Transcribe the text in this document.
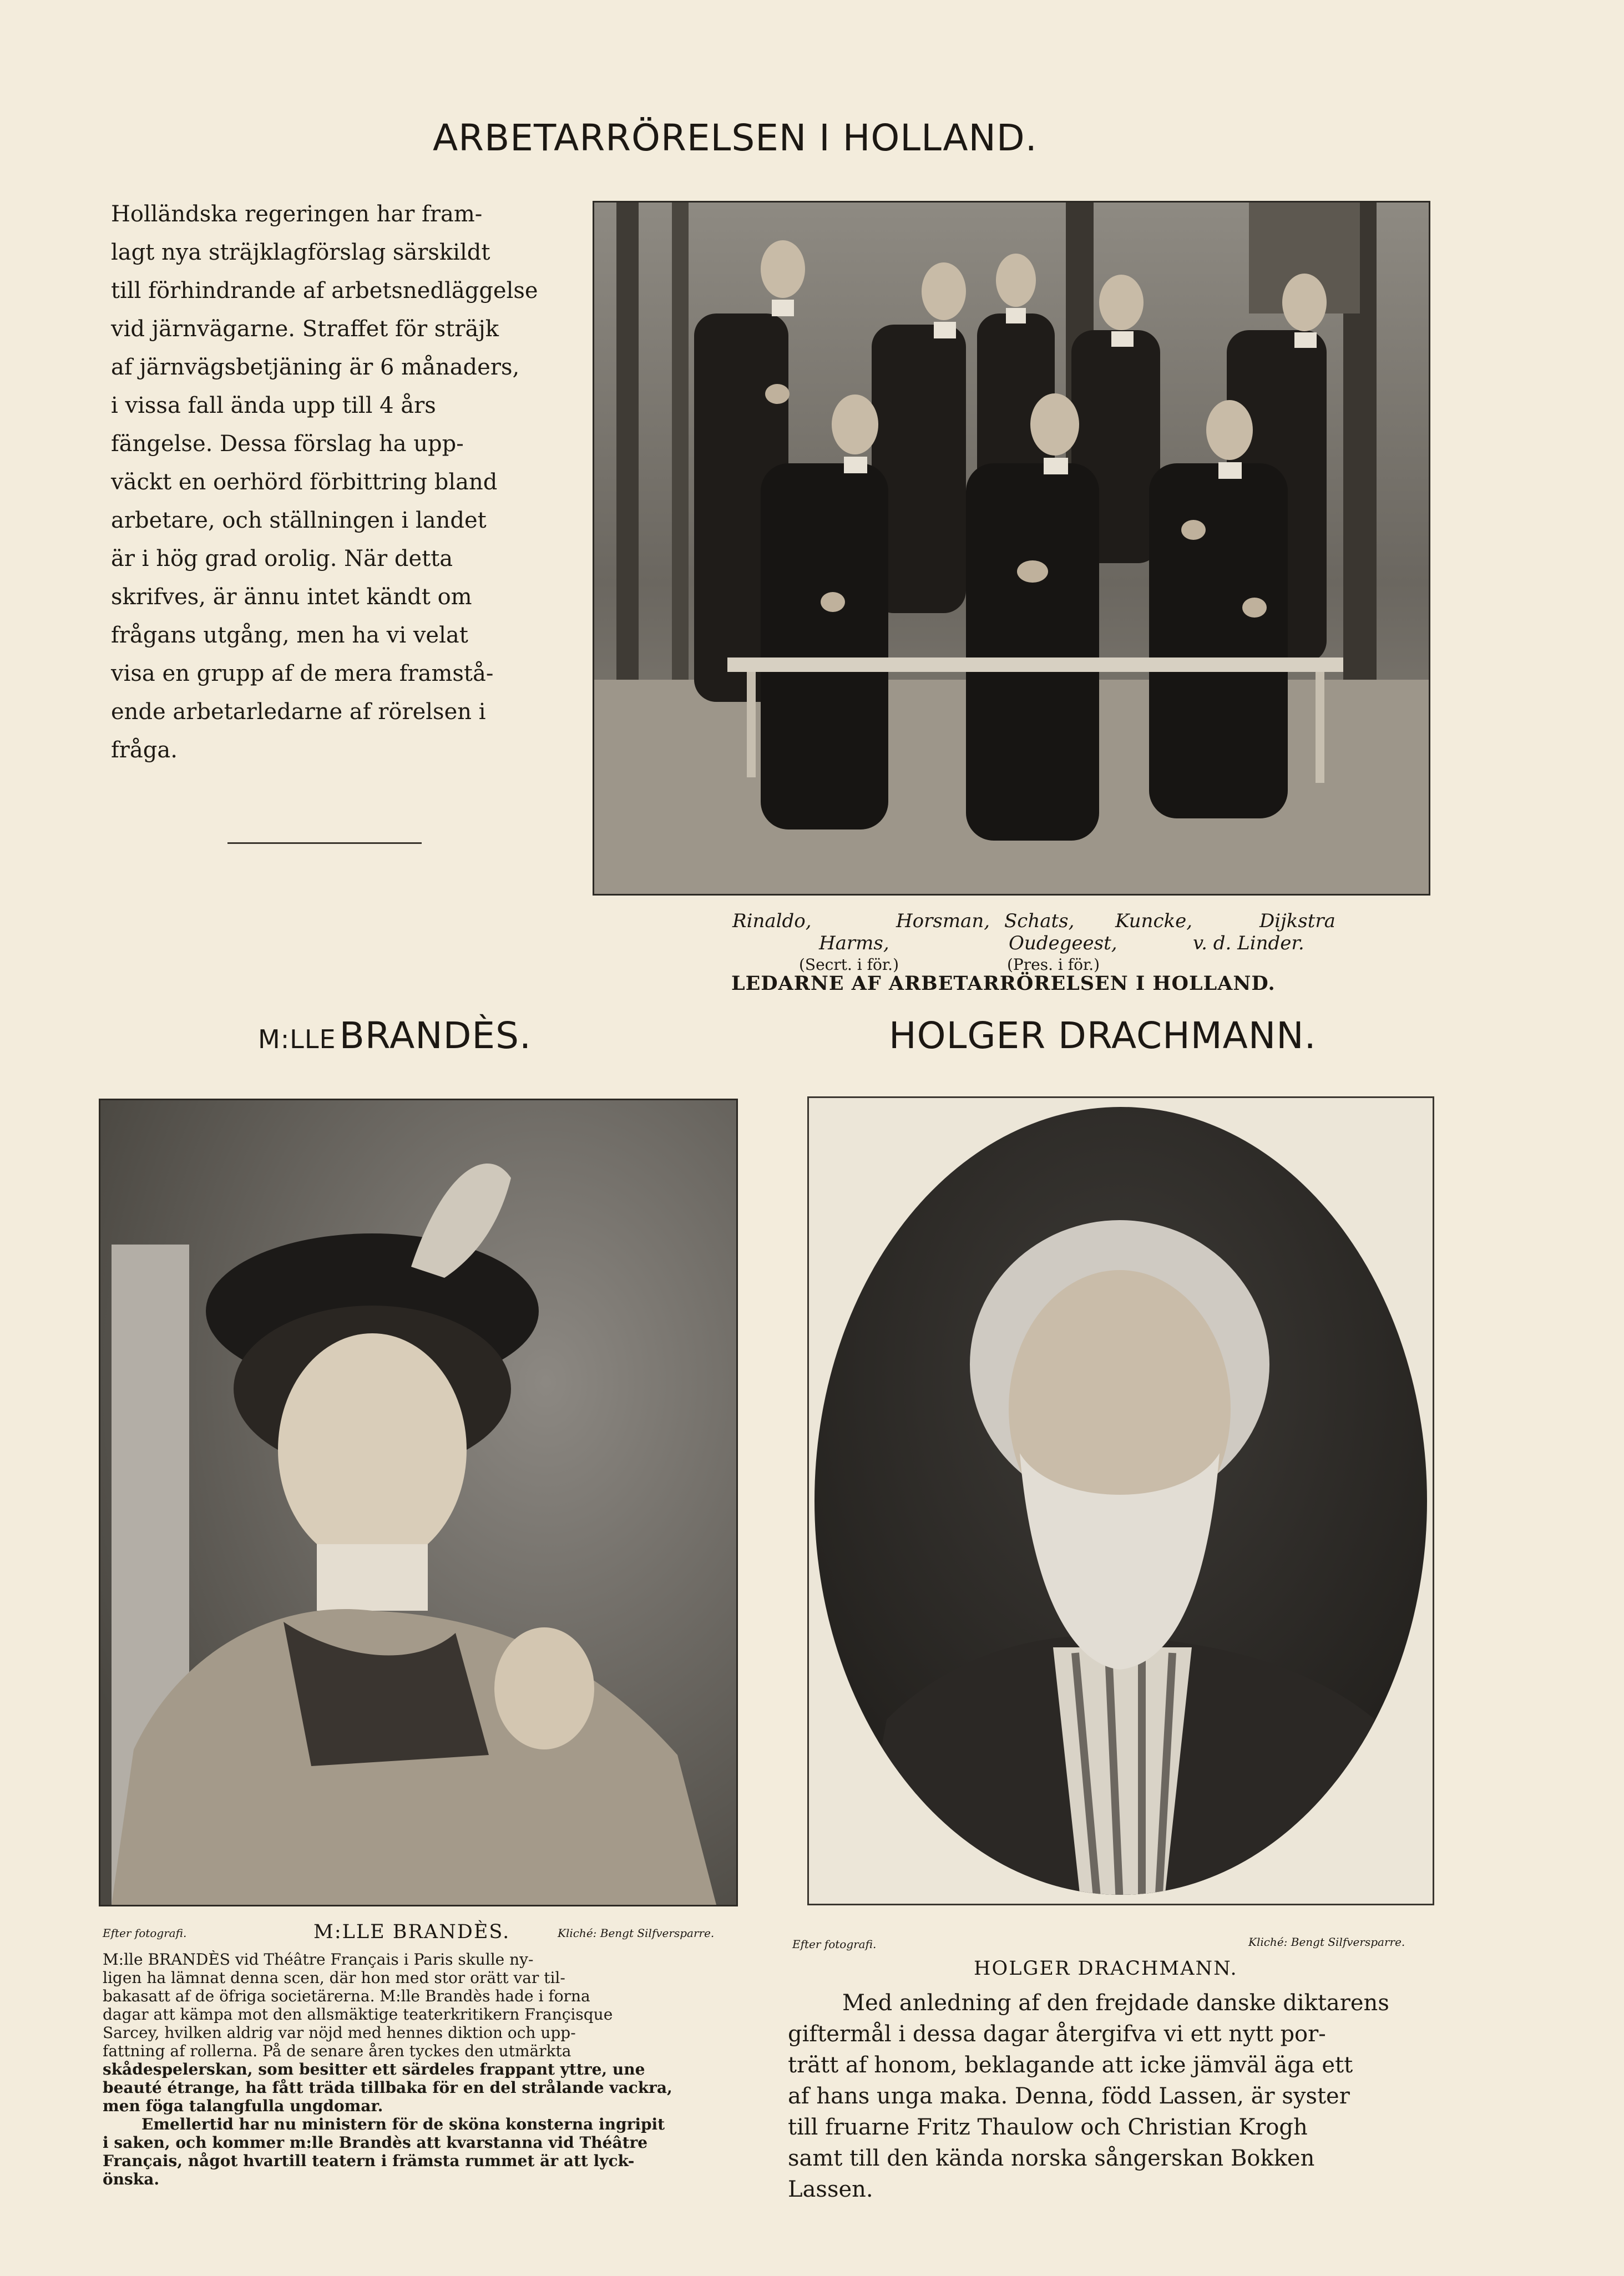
ARBETARRÖRELSEN I HOLLAND.
Holländska regeringen har fram-
lagt nya sträjklagförslag särskildt
till förhindrande af arbetsnedläggelse
vid järnvägarne. Straffet för sträjk
af järnvägsbetjäning är 6 månaders,
i vissa fall ända upp till 4 års
fängelse. Dessa förslag ha upp-
väckt en oerhörd förbittring bland
arbetare, och ställningen i landet
är i hög grad orolig. När detta
skrifves, är ännu intet kändt om
frågans utgång, men ha vi velat
visa en grupp af de mera framstå-
ende arbetarledarne af rörelsen i
fråga.
Rinaldo,	Horsman, Schats, Kuncke,	Dijkstra
Harms,	Oudegeest,	v. d. Linder.
(Secrt. i för.)	(Pres. i för.)
LEDARNE AF ARBETARRÖRELSEN I HOLLAND.
M:LLE BRANDÈS.
Efter fotografi.	M:LLE BRANDÈS.	Kliché: Bengt Silfversparre.
M:lle BRANDÈS vid Théâtre Français i Paris skulle ny-
ligen ha lämnat denna scen, där hon med stor orätt var til-
bakasatt af de öfriga societärerna. M:lle Brandès hade i forna
dagar att kämpa mot den allsmäktige teaterkritikern Françisque
Sarcey, hvilken aldrig var nöjd med hennes diktion och upp-
fattning af rollerna. På de senare åren tyckes den utmärkta
skådespelerskan, som besitter ett särdeles frappant yttre, une
beauté étrange, ha fått träda tillbaka för en del strålande vackra,
men föga talangfulla ungdomar.
Emellertid har nu ministern för de sköna konsterna ingripit
i saken, och kommer m:lle Brandès att kvarstanna vid Théâtre
Français, något hvartill teatern i främsta rummet är att lyck-
önska.
HOLGER DRACHMANN.
Efter fotografi.	Kliché: Bengt Silfversparre.
HOLGER DRACHMANN.
Med anledning af den frejdade danske diktarens
giftermål i dessa dagar återgifva vi ett nytt por-
trätt af honom, beklagande att icke jämväl äga ett
af hans unga maka. Denna, född Lassen, är syster
till fruarne Fritz Thaulow och Christian Krogh
samt till den kända norska sångerskan Bokken
Lassen.
